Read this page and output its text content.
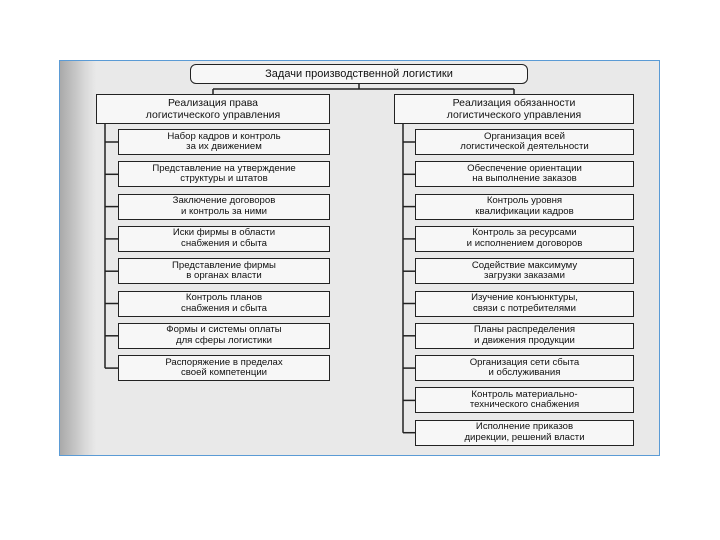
Задачи производственной логистики
Реализация права
логистического управления
Реализация обязанности
логистического управления
Набор кадров и контроль
за их движением
Представление на утверждение
структуры и штатов
Заключение договоров
и контроль за ними
Иски фирмы в области
снабжения и сбыта
Представление фирмы
в органах власти
Контроль планов
снабжения и сбыта
Формы и системы оплаты
для сферы логистики
Распоряжение в пределах
своей компетенции
Организация всей
логистической деятельности
Обеспечение ориентации
на выполнение заказов
Контроль уровня
квалификации кадров
Контроль за ресурсами
и исполнением договоров
Содействие максимуму
загрузки заказами
Изучение конъюнктуры,
связи с потребителями
Планы распределения
и движения продукции
Организация сети сбыта
и обслуживания
Контроль материально-
технического снабжения
Исполнение приказов
дирекции, решений власти
